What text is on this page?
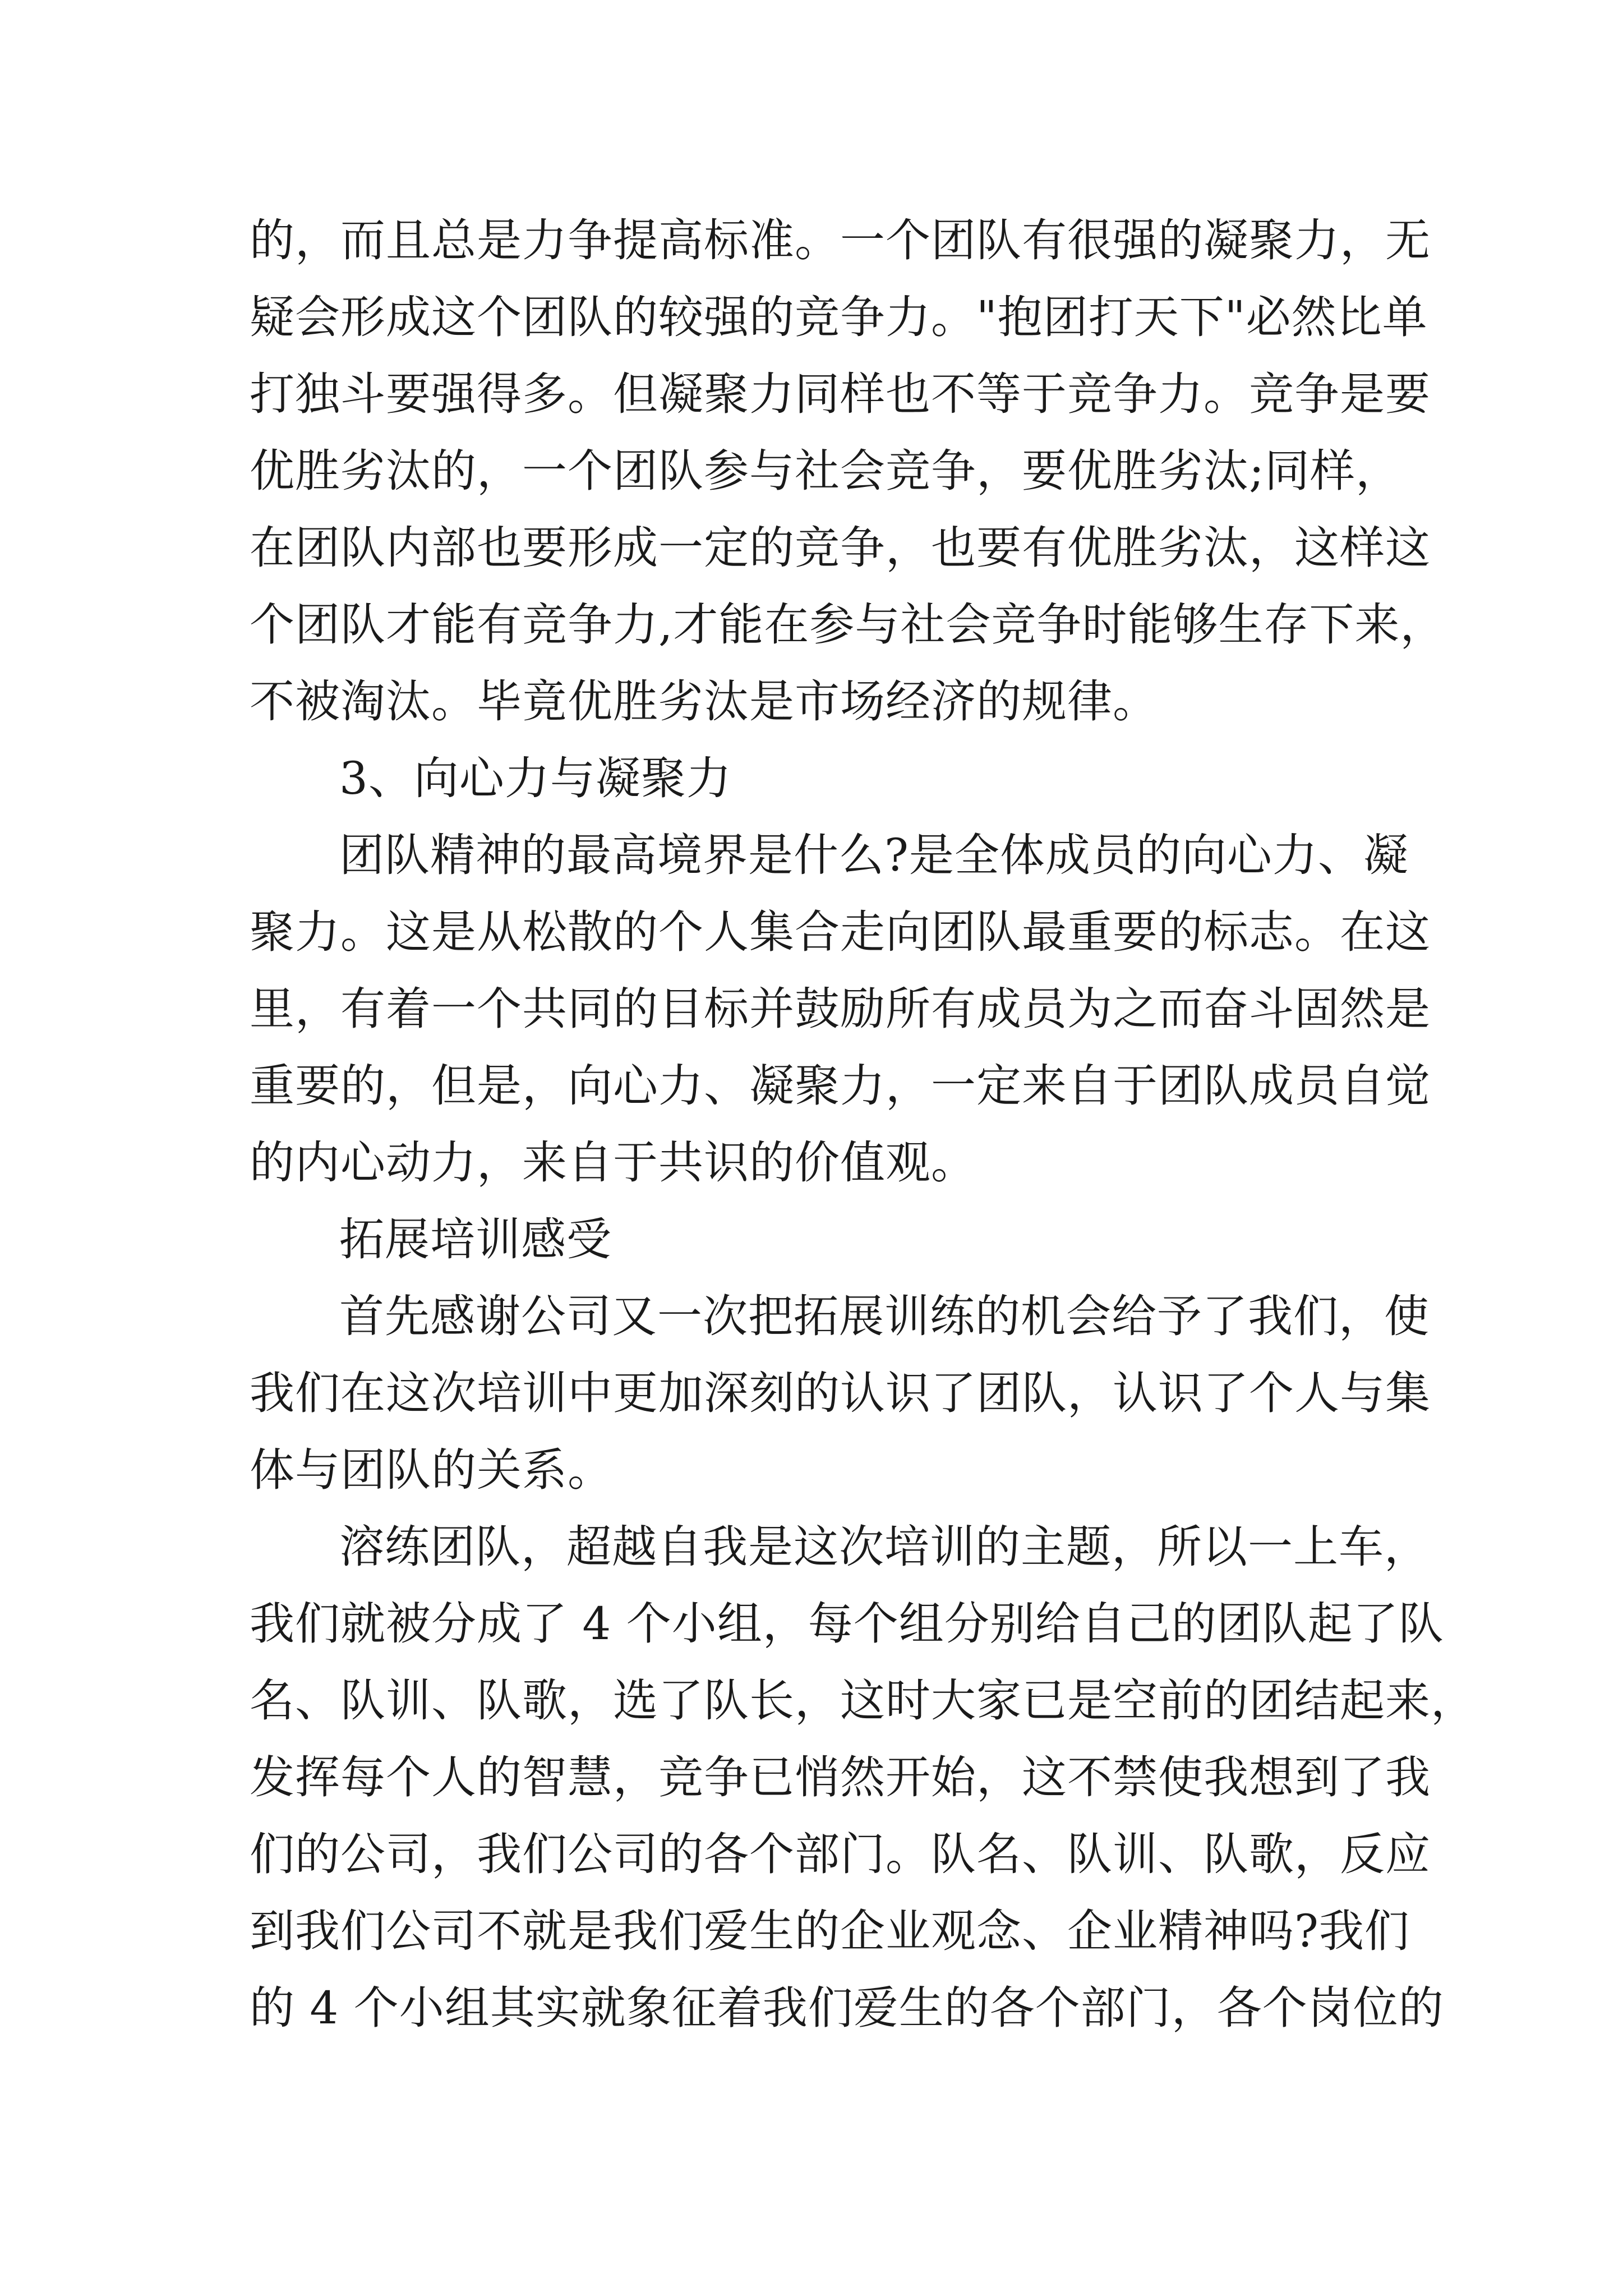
的，而且总是力争提高标准。一个团队有很强的凝聚力，无
疑会形成这个团队的较强的竞争力。"抱团打天下"必然比单
打独斗要强得多。但凝聚力同样也不等于竞争力。竞争是要
优胜劣汰的，一个团队参与社会竞争，要优胜劣汰;同样，
在团队内部也要形成一定的竞争，也要有优胜劣汰，这样这
个团队才能有竞争力,才能在参与社会竞争时能够生存下来，
不被淘汰。毕竟优胜劣汰是市场经济的规律。
3、向心力与凝聚力
团队精神的最高境界是什么?是全体成员的向心力、凝
聚力。这是从松散的个人集合走向团队最重要的标志。在这
里，有着一个共同的目标并鼓励所有成员为之而奋斗固然是
重要的，但是，向心力、凝聚力，一定来自于团队成员自觉
的内心动力，来自于共识的价值观。
拓展培训感受
首先感谢公司又一次把拓展训练的机会给予了我们，使
我们在这次培训中更加深刻的认识了团队，认识了个人与集
体与团队的关系。
溶练团队，超越自我是这次培训的主题，所以一上车，
我们就被分成了 4 个小组，每个组分别给自己的团队起了队
名、队训、队歌，选了队长，这时大家已是空前的团结起来，
发挥每个人的智慧，竞争已悄然开始，这不禁使我想到了我
们的公司，我们公司的各个部门。队名、队训、队歌，反应
到我们公司不就是我们爱生的企业观念、企业精神吗?我们
的 4 个小组其实就象征着我们爱生的各个部门，各个岗位的
